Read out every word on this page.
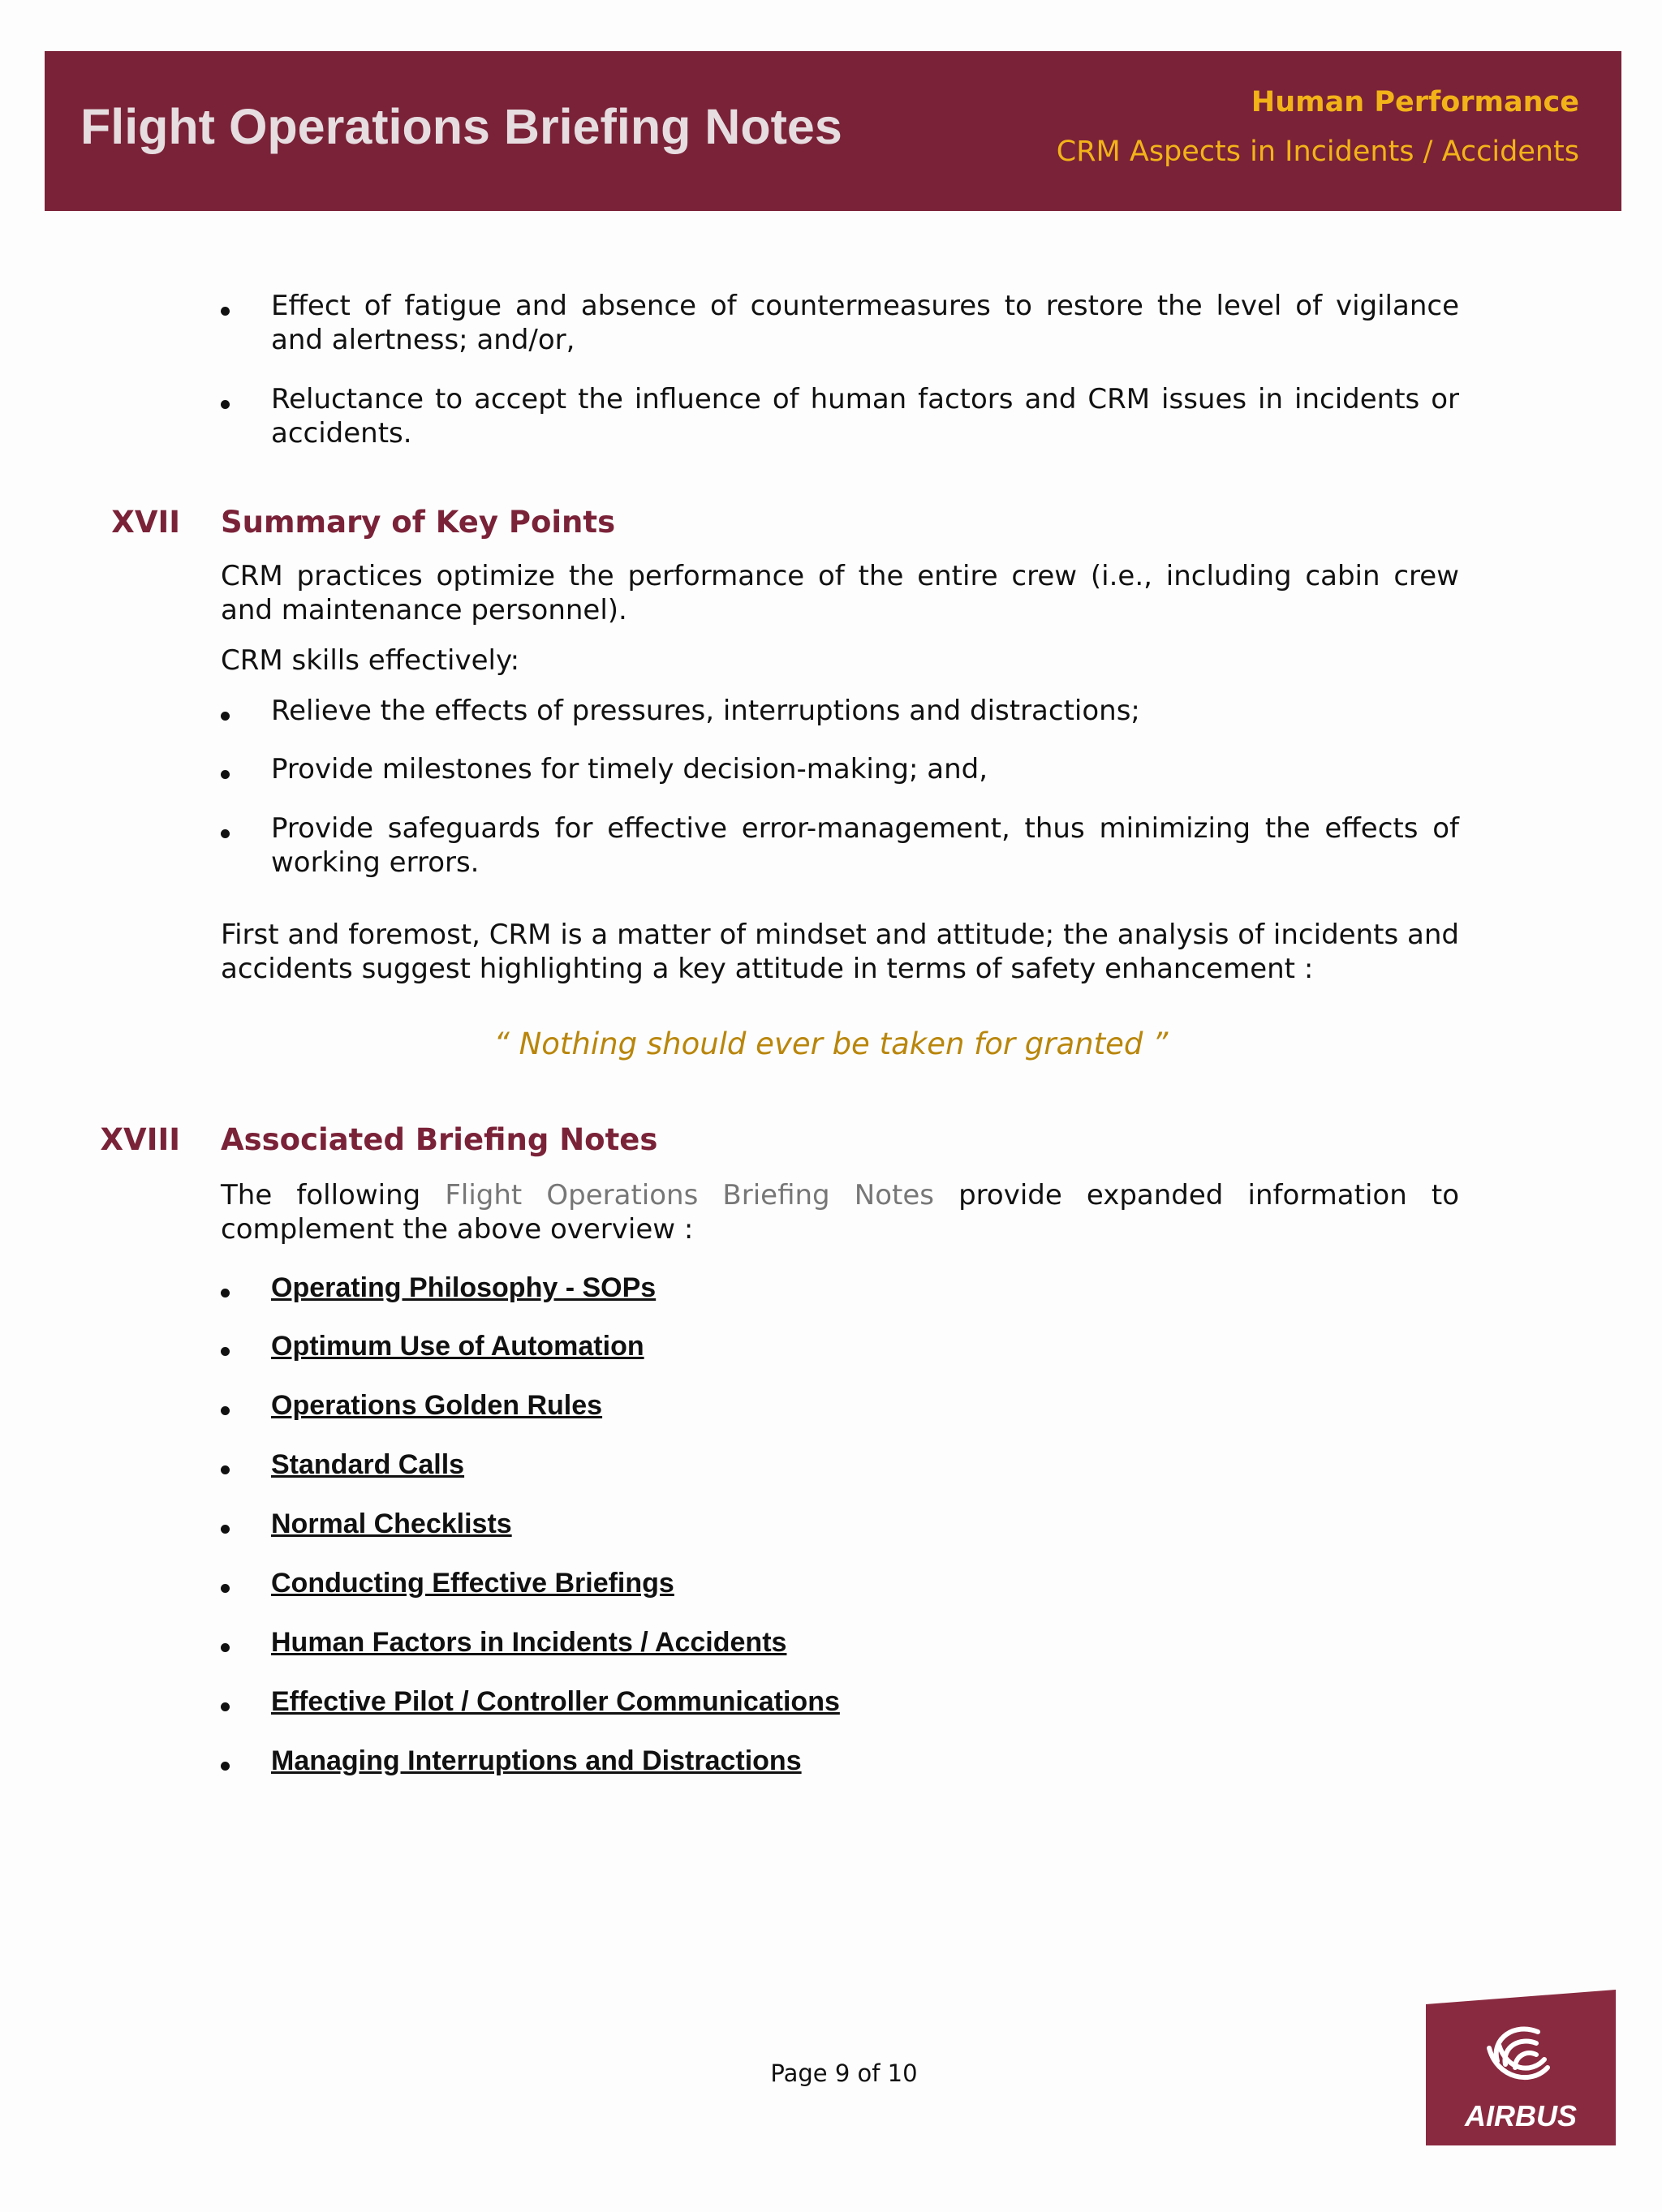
Flight Operations Briefing Notes	Human Performance
CRM Aspects in Incidents / Accidents
Effect of fatigue and absence of countermeasures to restore the level of vigilance and alertness; and/or,
Reluctance to accept the influence of human factors and CRM issues in incidents or accidents.
XVII Summary of Key Points
CRM practices optimize the performance of the entire crew (i.e., including cabin crew and maintenance personnel).
CRM skills effectively:
Relieve the effects of pressures, interruptions and distractions;
Provide milestones for timely decision-making; and,
Provide safeguards for effective error-management, thus minimizing the effects of working errors.
First and foremost, CRM is a matter of mindset and attitude; the analysis of incidents and accidents suggest highlighting a key attitude in terms of safety enhancement :
“ Nothing should ever be taken for granted ”
XVIII Associated Briefing Notes
The following Flight Operations Briefing Notes provide expanded information to complement the above overview :
Operating Philosophy - SOPs
Optimum Use of Automation
Operations Golden Rules
Standard Calls
Normal Checklists
Conducting Effective Briefings
Human Factors in Incidents / Accidents
Effective Pilot / Controller Communications
Managing Interruptions and Distractions
Page 9 of 10
AIRBUS
